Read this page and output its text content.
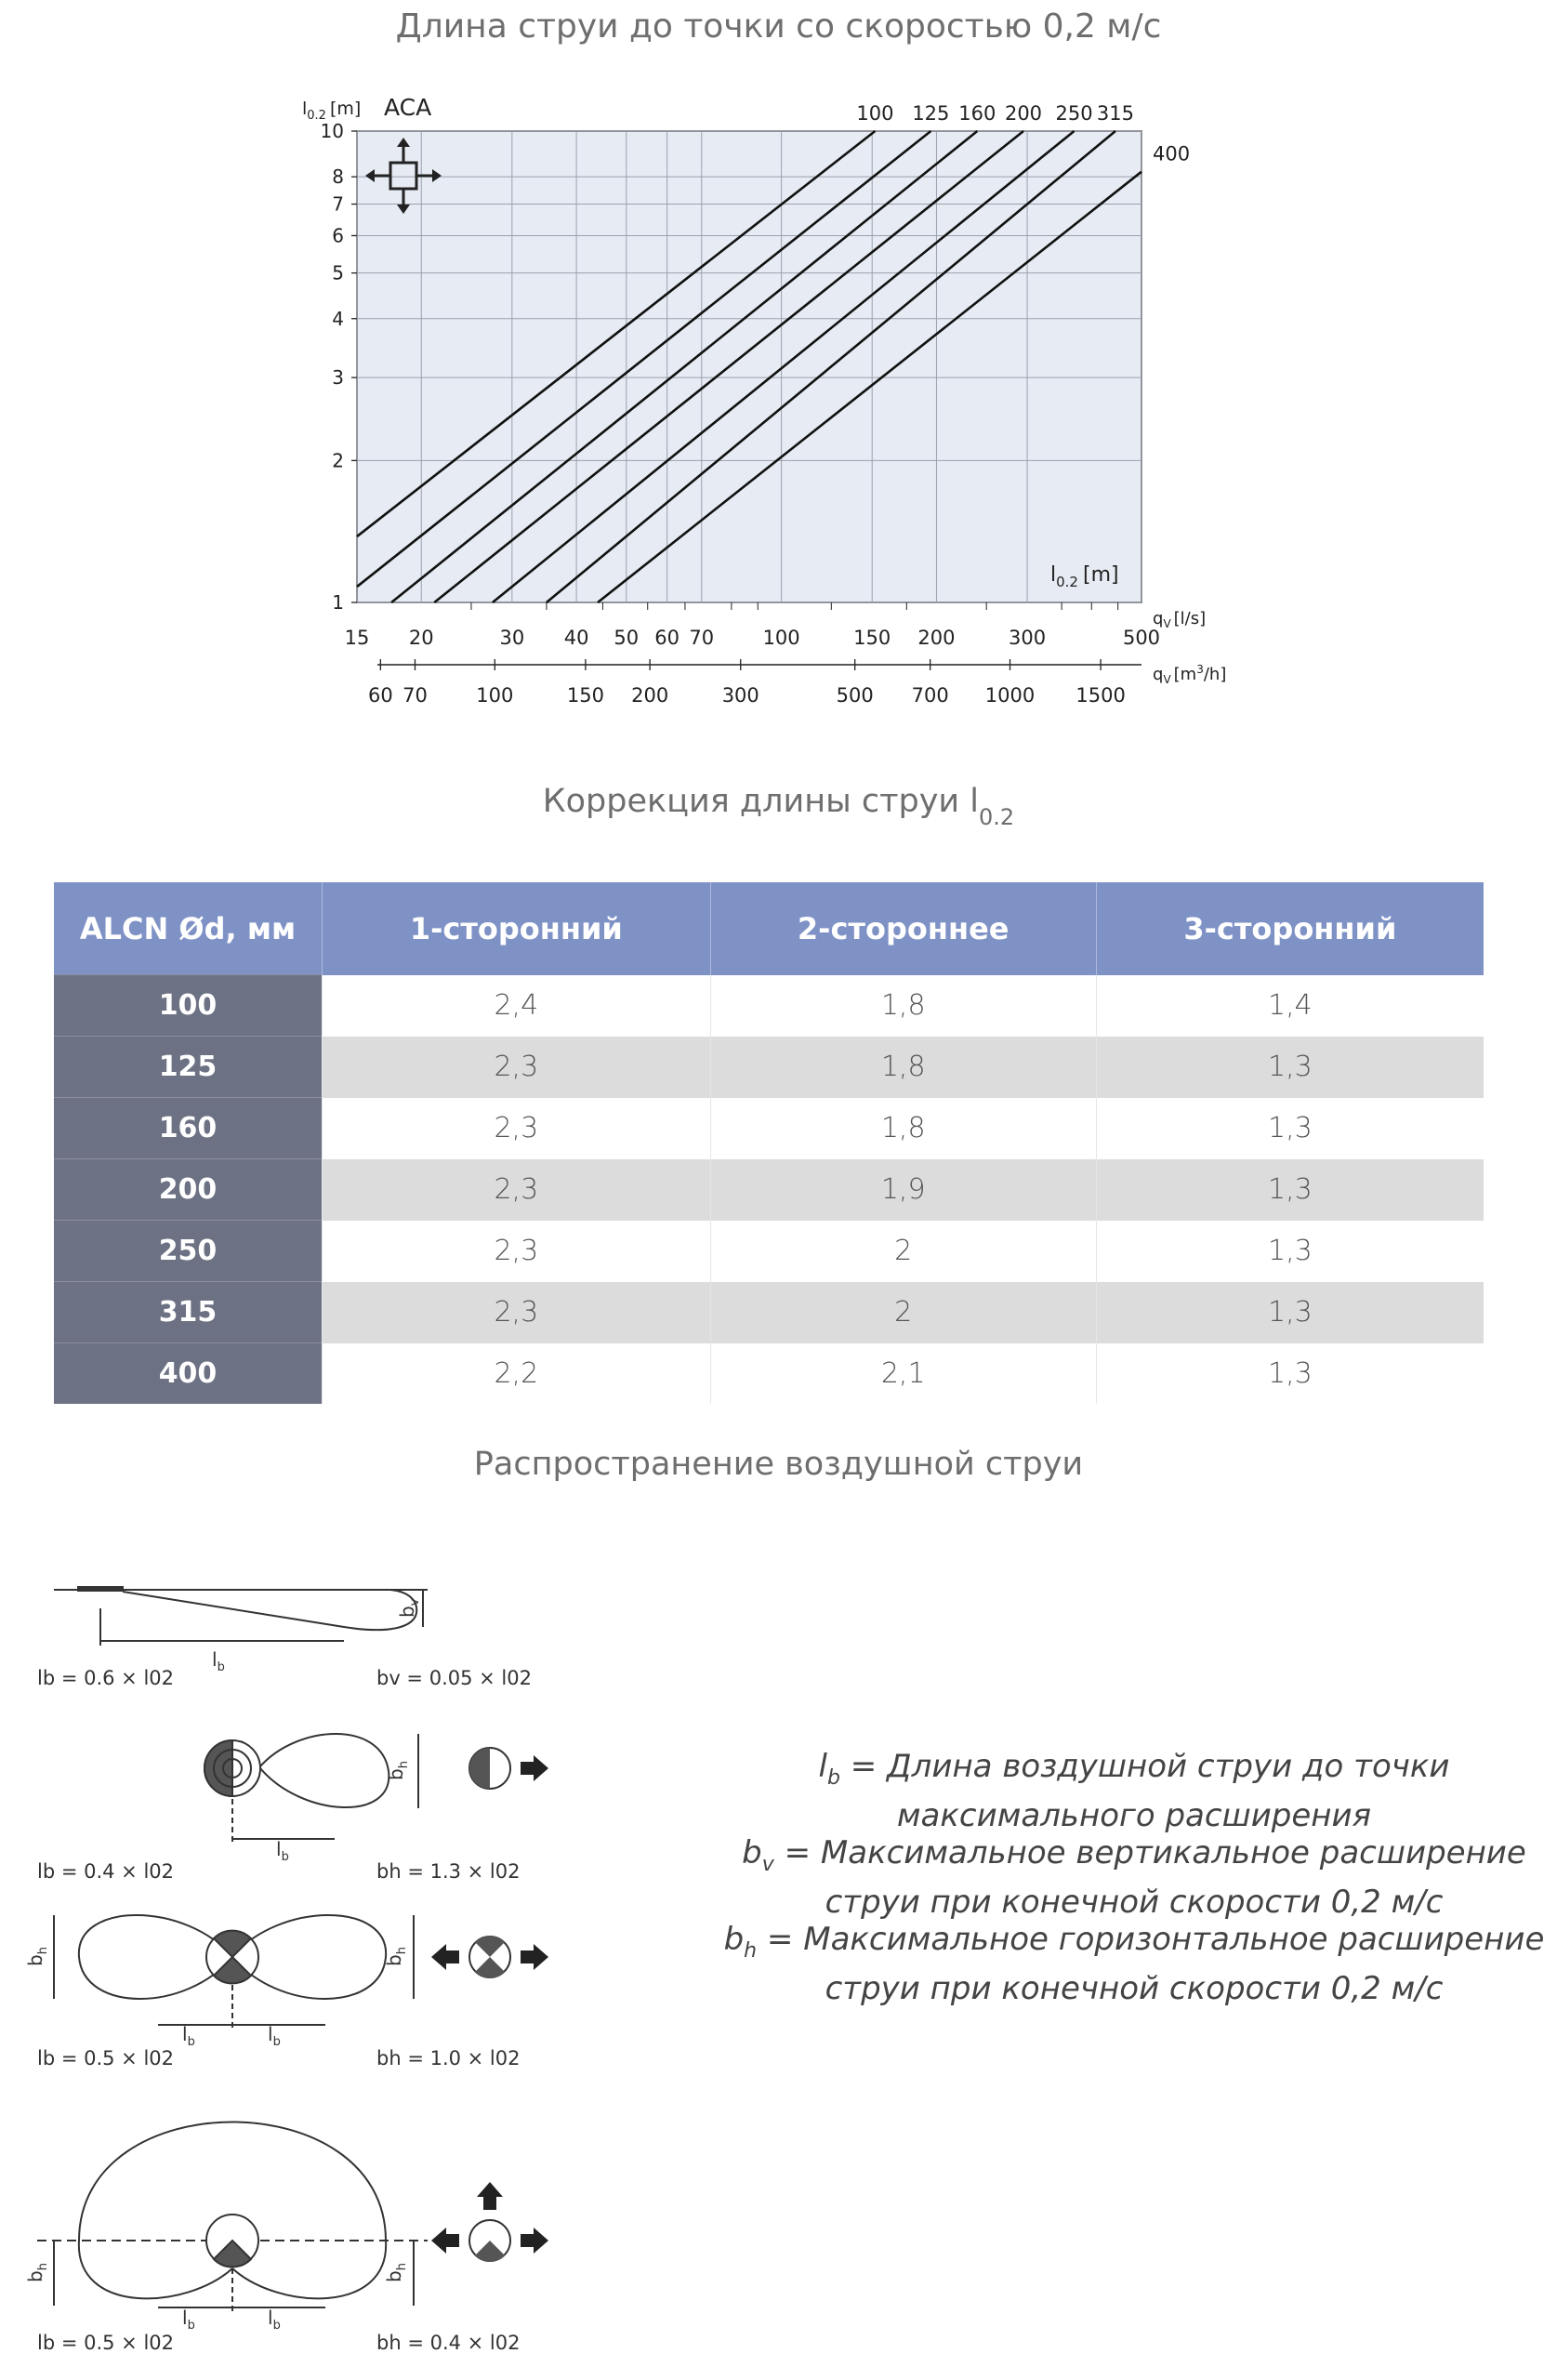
Длина струи до точки со скоростью 0,2 м/с
100 125 160 200 250 315
400
15 20	30 40 50 60 70 100	150 200	300	500
60 70 100	150 200	300	500 700 1000 1500
1
2
3
4
5
6
7
8
10
$l_{0.2}$ [m] ACA
$l_{0.2}$ [m]
$q_V$ [l/s]
$q_V$ $[m^3/h]$
Коррекция длины струи $l_{0.2}$
ALCN Ød, мм	1-сторонний	2-стороннее	3-сторонний
100	2,4	1,8	1,4
125	2,3	1,8	1,3
160	2,3	1,8	1,3
200	2,3	1,9	1,3
250	2,3	2	1,3
315	2,3	2	1,3
400	2,2	2,1	1,3
Распространение воздушной струи
$l_b$
$b_v$
lb = 0.6 × l02	bv = 0.05 × l02
$l_b$
$b_h$
lb = 0.4 × l02	bh = 1.3 × l02
$l_b$	$l_b$
$b_h$
$b_h$
lb = 0.5 × l02	bh = 1.0 × l02
$l_b$	$l_b$
$b_h$
$b_h$
lb = 0.5 × l02	bh = 0.4 × l02
$l_b$ = Длина воздушной струи до точки
максимального расширения
$b_v$ = Максимальное вертикальное расширение
струи при конечной скорости 0,2 м/с
$b_h$ = Максимальное горизонтальное расширение
струи при конечной скорости 0,2 м/с
